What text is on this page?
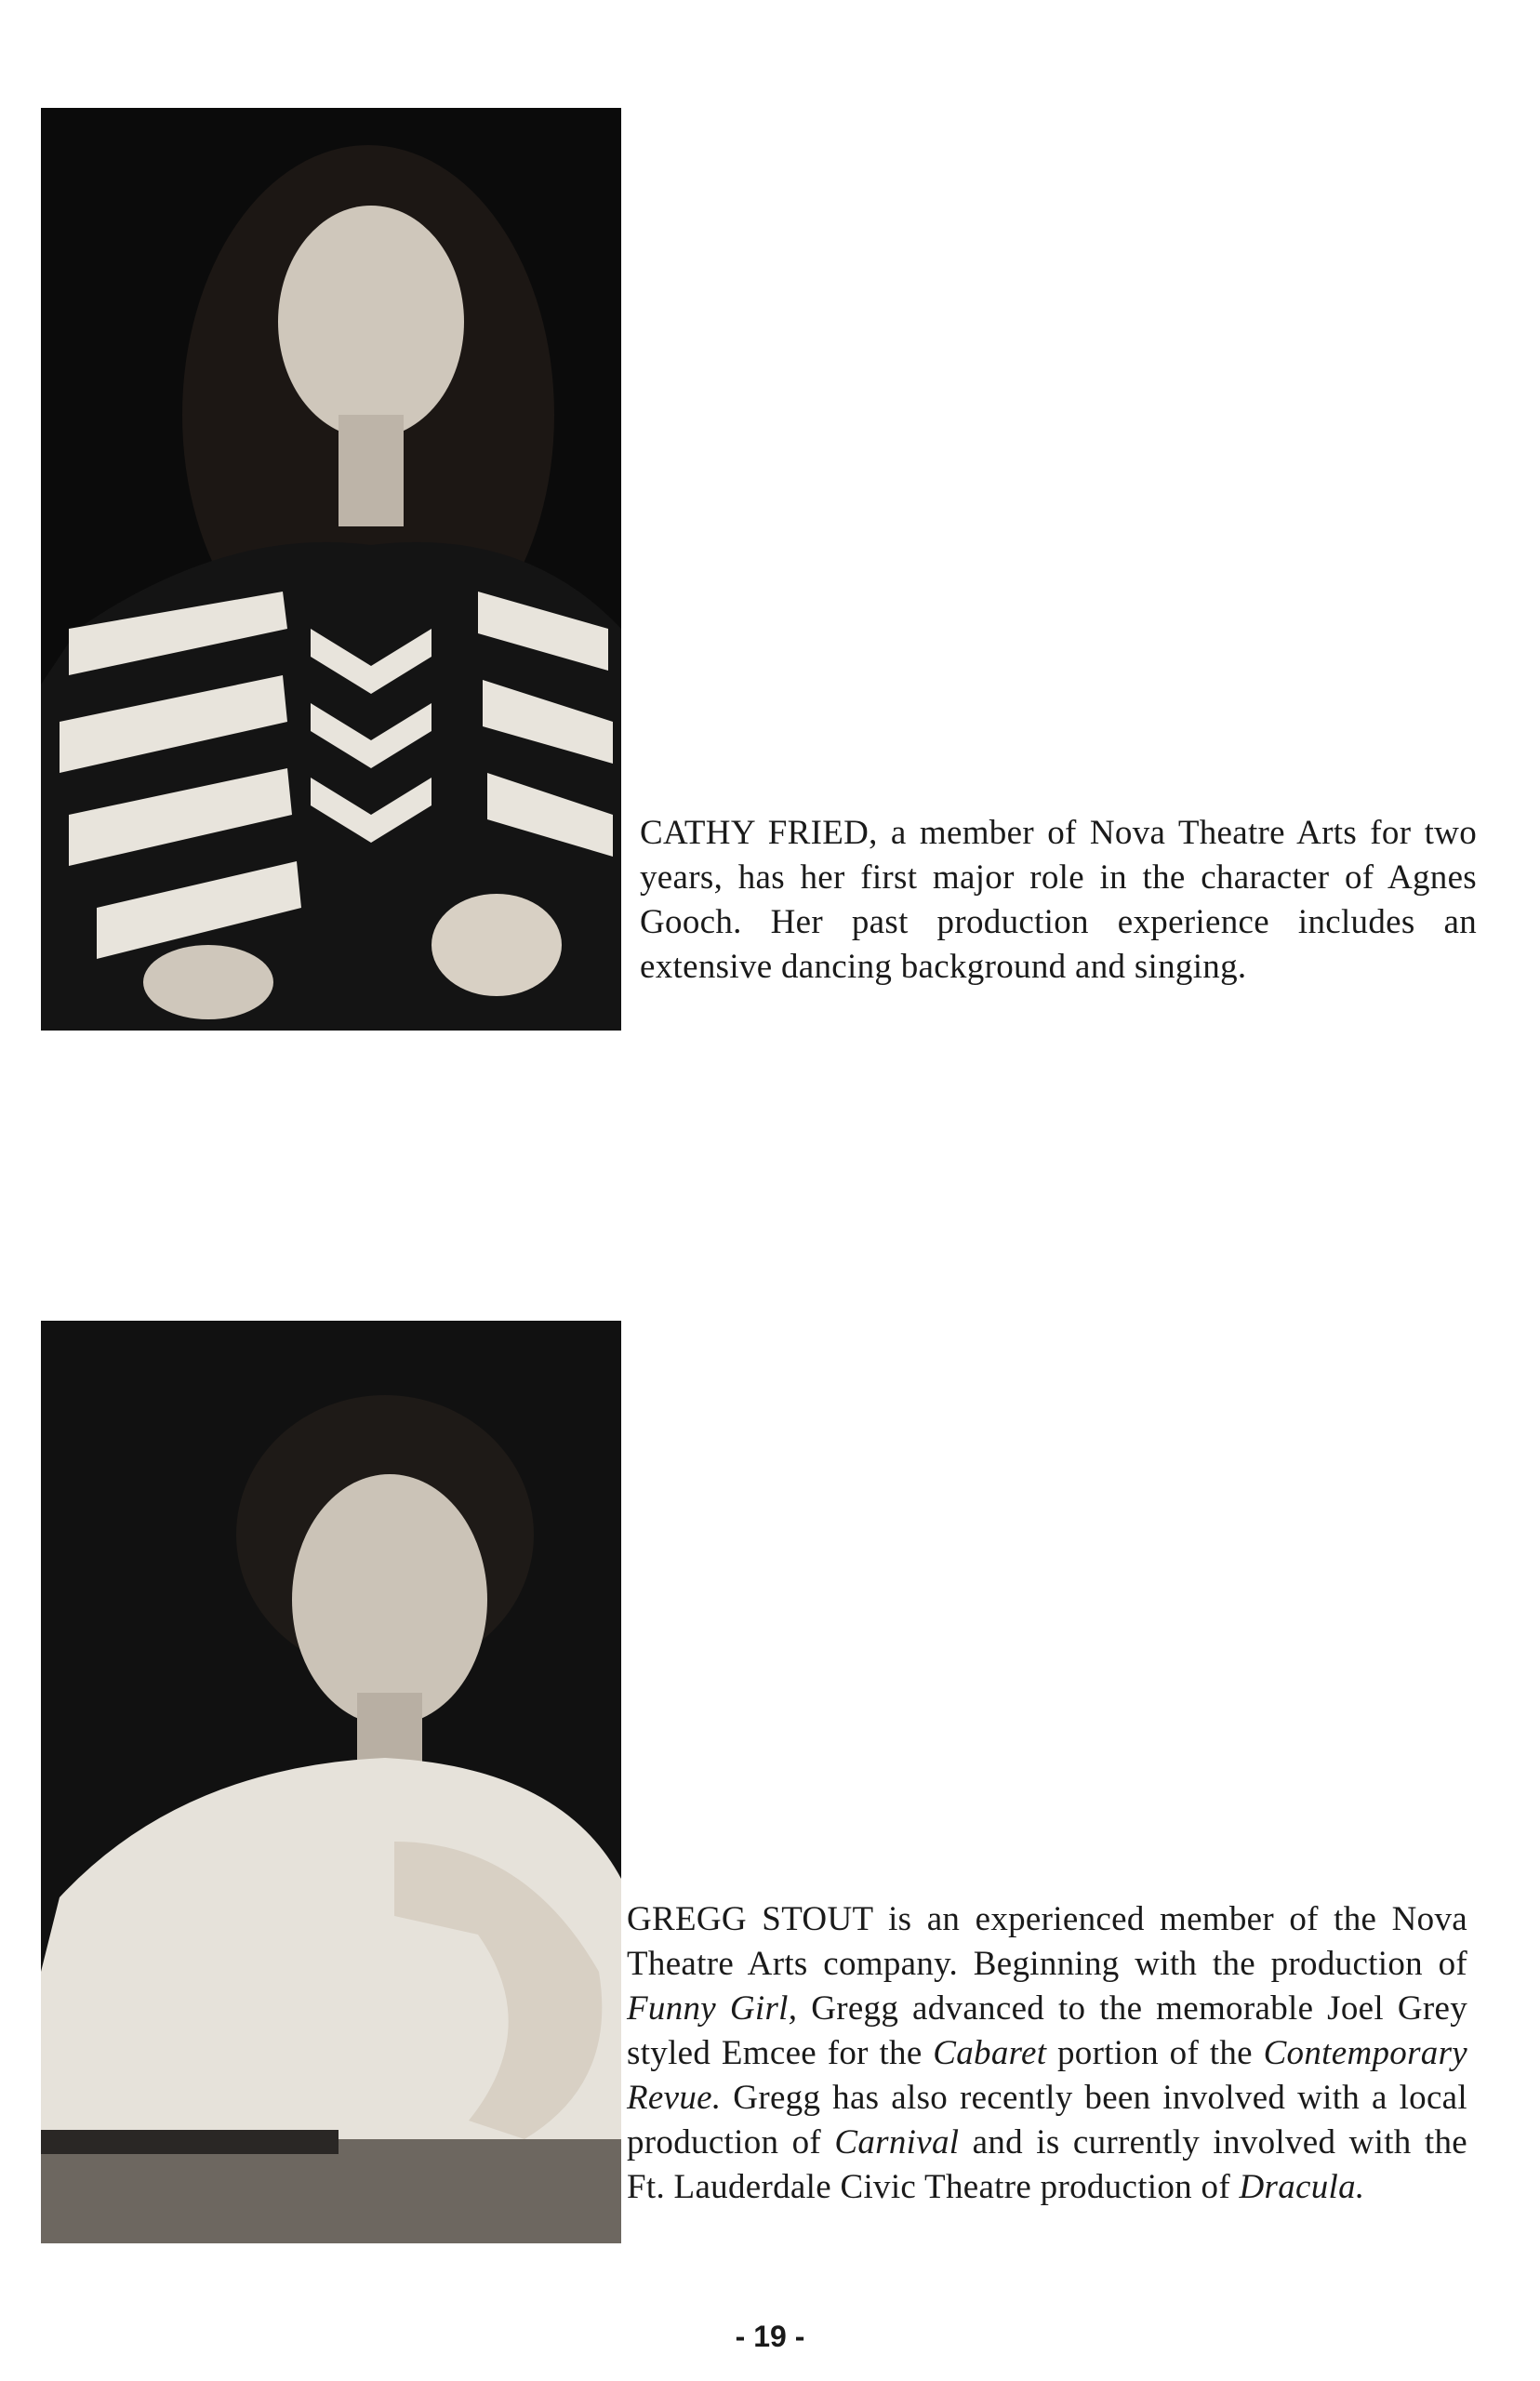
CATHY FRIED, a member of Nova Theatre Arts for two years, has her first major role in the character of Agnes Gooch. Her past production experience includes an extensive dancing background and singing.

GREGG STOUT is an experienced member of the Nova Theatre Arts company. Beginning with the production of Funny Girl, Gregg advanced to the memorable Joel Grey styled Emcee for the Cabaret portion of the Contemporary Revue. Gregg has also recently been involved with a local production of Carnival and is currently involved with the Ft. Lauderdale Civic Theatre production of Dracula.

- 19 -
